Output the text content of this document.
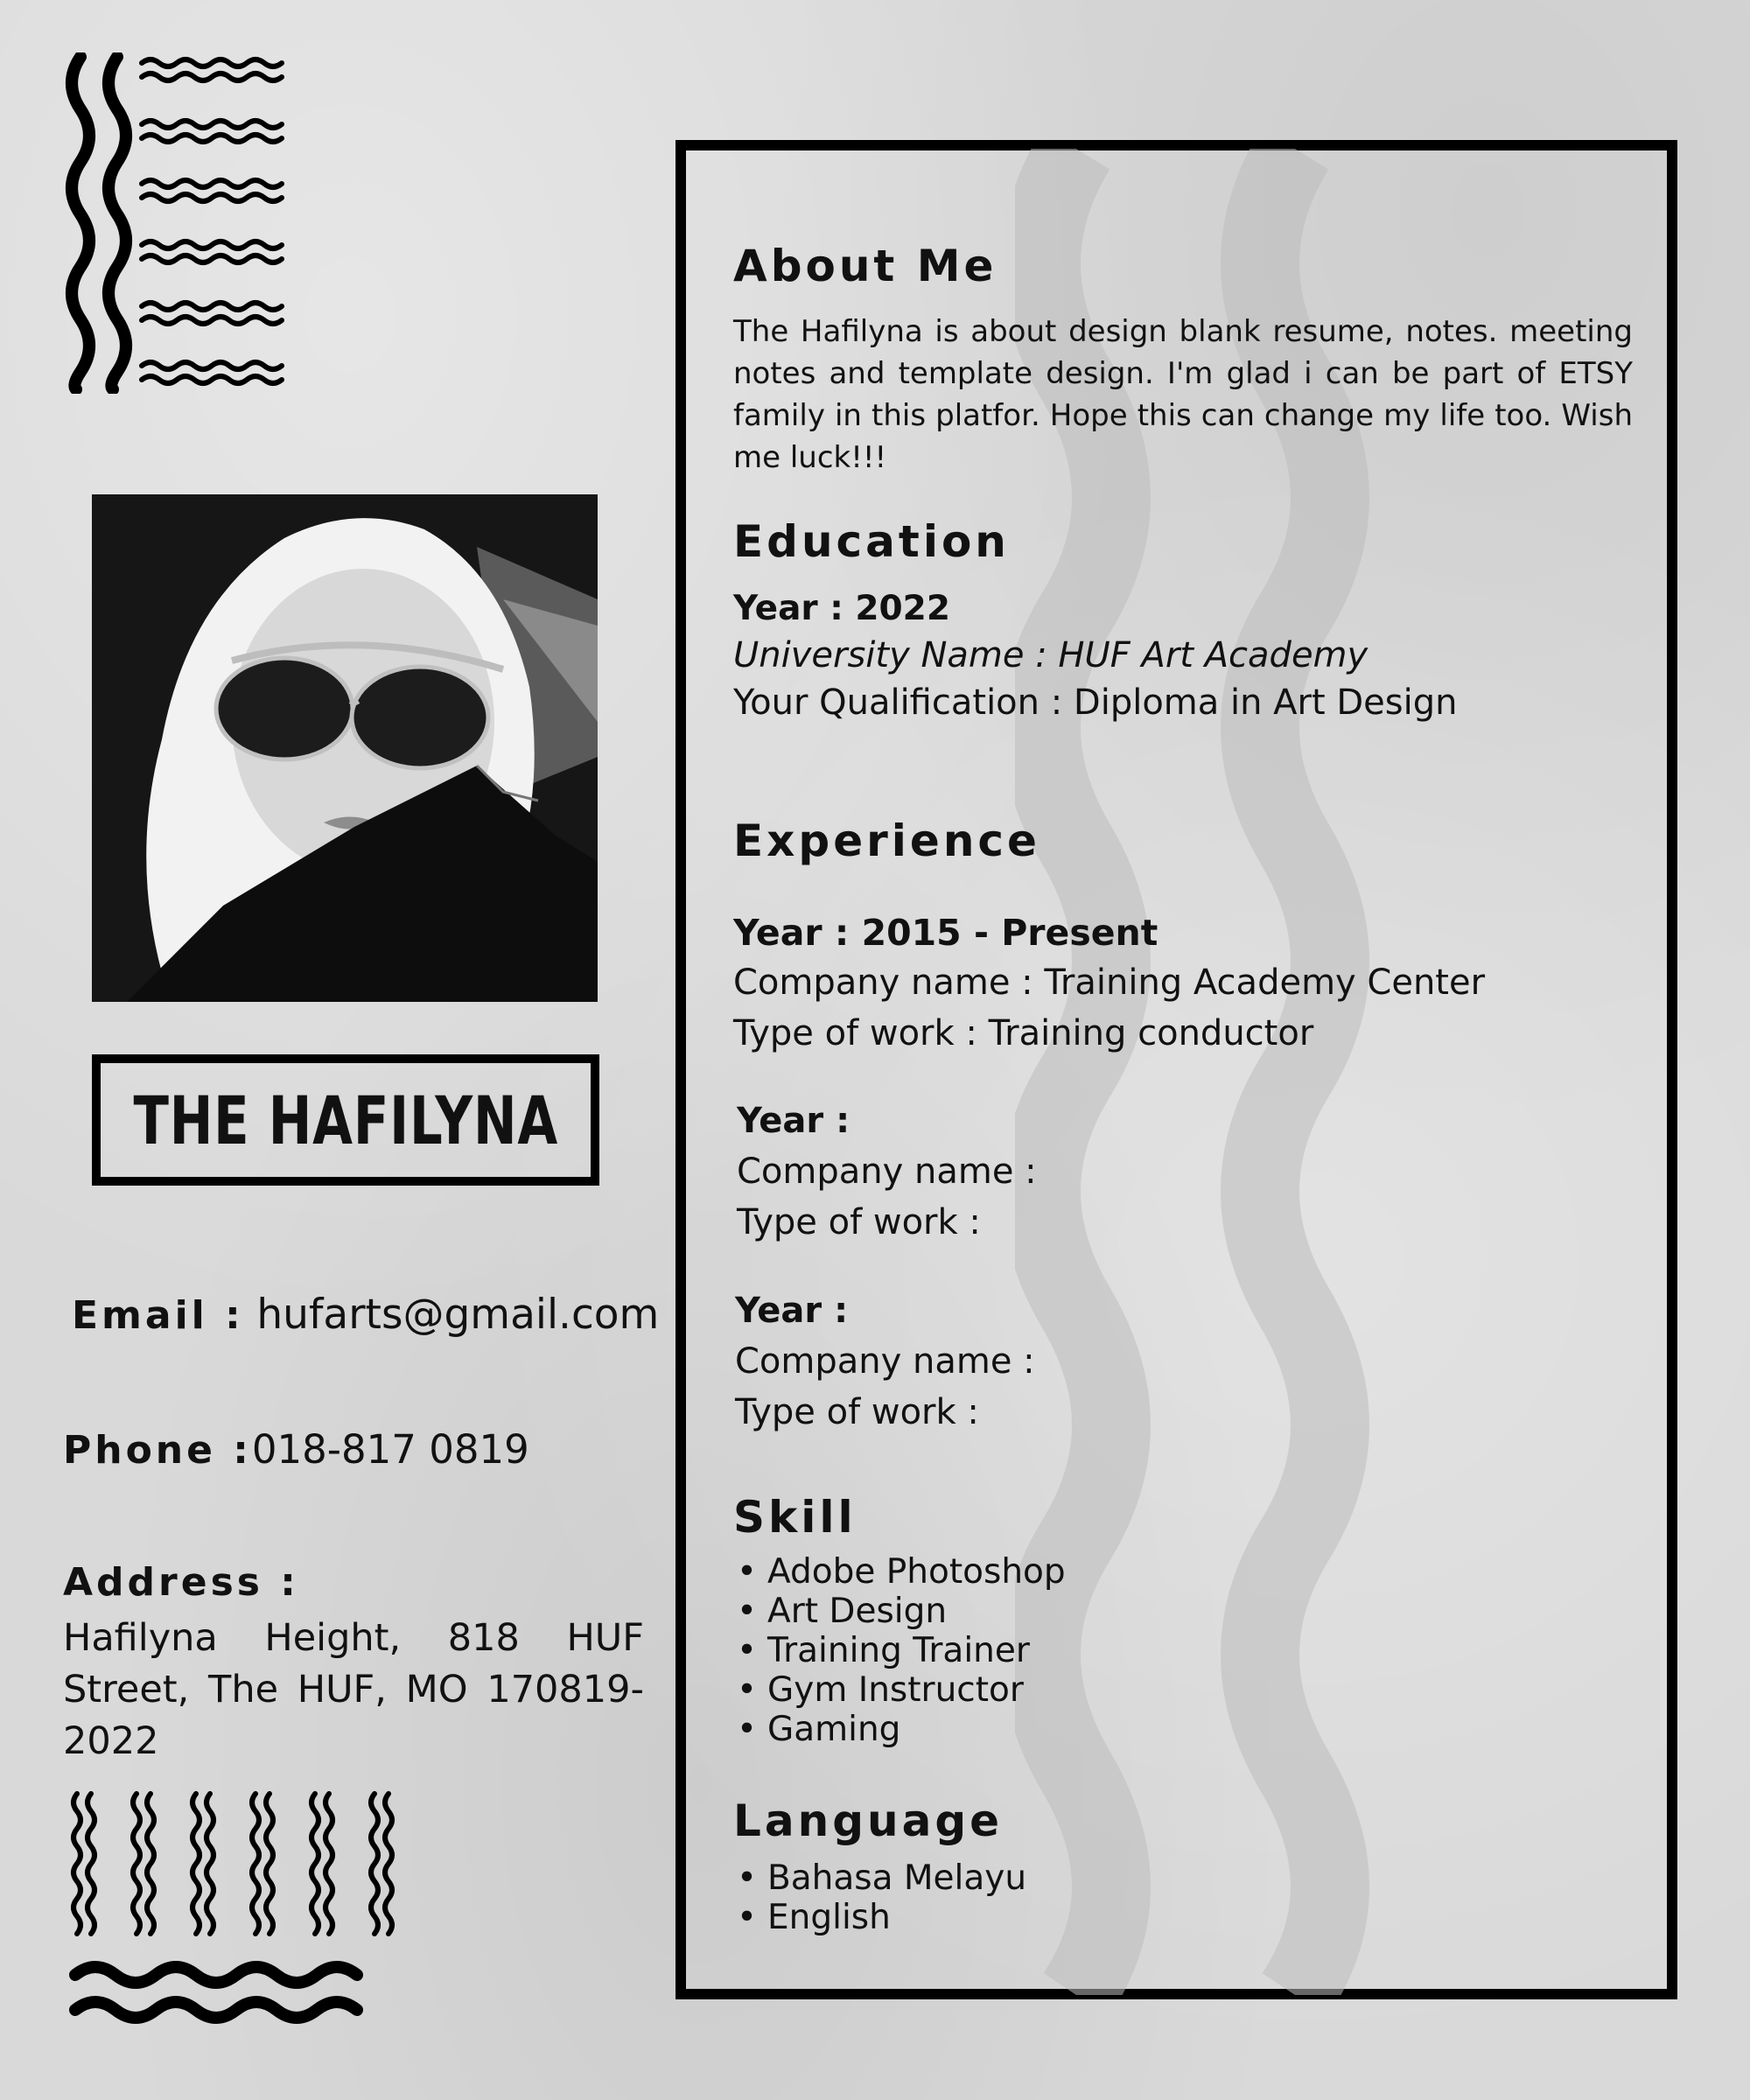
THE HAFILYNA
Email : hufarts@gmail.com
Phone :018-817 0819
Address :
Hafilyna Height, 818 HUF Street, The HUF, MO 170819-2022
About Me
The Hafilyna is about design blank resume, notes. meeting notes and template design. I'm glad i can be part of ETSY family in this platfor. Hope this can change my life too. Wish me luck!!!
Education
Year : 2022
University Name : HUF Art Academy
Your Qualification : Diploma in Art Design
Experience
Year : 2015 - Present
Company name : Training Academy Center
Type of work : Training conductor
Year :
Company name :
Type of work :
Year :
Company name :
Type of work :
Skill
• Adobe Photoshop
• Art Design
• Training Trainer
• Gym Instructor
• Gaming
Language
• Bahasa Melayu
• English
